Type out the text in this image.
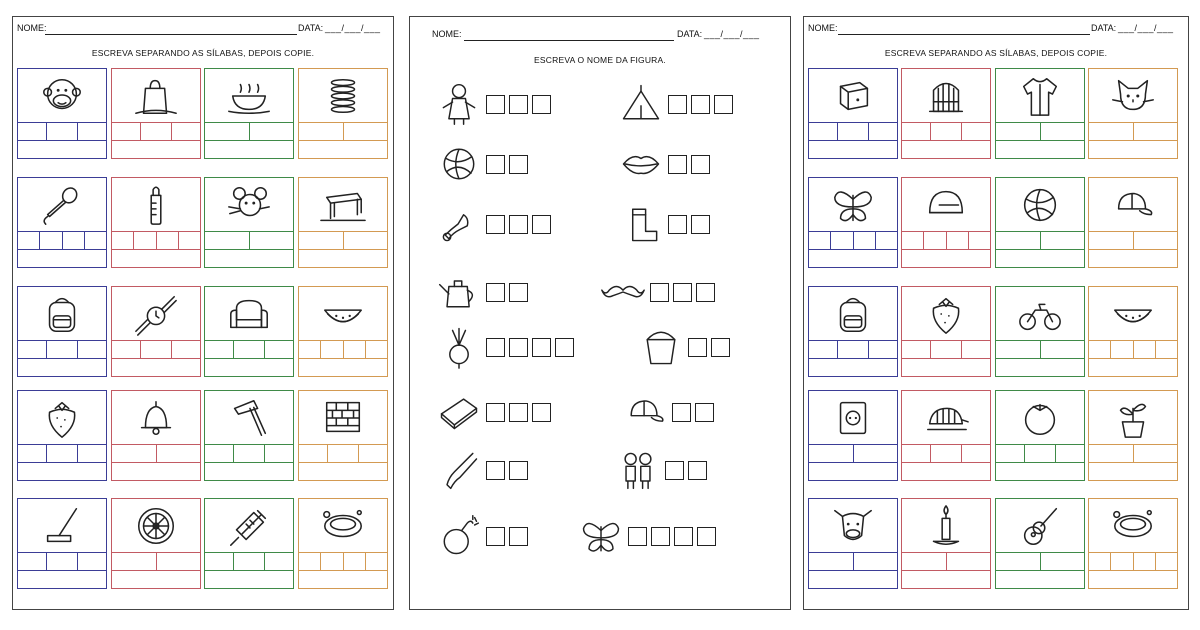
NOME:	DATA: ___/___/___
ESCREVA SEPARANDO AS SÍLABAS, DEPOIS COPIE.
NOME:	DATA: ___/___/___
ESCREVA O NOME DA FIGURA.
NOME:	DATA: ___/___/___
ESCREVA SEPARANDO AS SÍLABAS, DEPOIS COPIE.
